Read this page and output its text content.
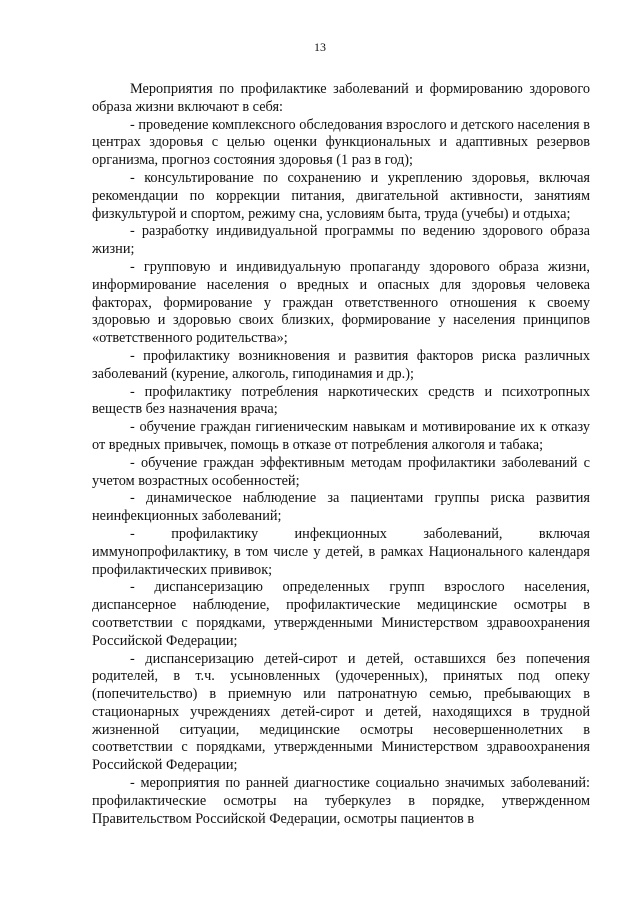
13

Мероприятия по профилактике заболеваний и формированию здорового образа жизни включают в себя:

- проведение комплексного обследования взрослого и детского населения в центрах здоровья с целью оценки функциональных и адаптивных резервов организма, прогноз состояния здоровья (1 раз в год);

- консультирование по сохранению и укреплению здоровья, включая рекомендации по коррекции питания, двигательной активности, занятиям физкультурой и спортом, режиму сна, условиям быта, труда (учебы) и отдыха;

- разработку индивидуальной программы по ведению здорового образа жизни;

- групповую и индивидуальную пропаганду здорового образа жизни, информирование населения о вредных и опасных для здоровья человека факторах, формирование у граждан ответственного отношения к своему здоровью и здоровью своих близких, формирование у населения принципов «ответственного родительства»;

- профилактику возникновения и развития факторов риска различных заболеваний (курение, алкоголь, гиподинамия и др.);

- профилактику потребления наркотических средств и психотропных веществ без назначения врача;

- обучение граждан гигиеническим навыкам и мотивирование их к отказу от вредных привычек, помощь в отказе от потребления алкоголя и табака;

- обучение граждан эффективным методам профилактики заболеваний с учетом возрастных особенностей;

- динамическое наблюдение за пациентами группы риска развития неинфекционных заболеваний;

- профилактику инфекционных заболеваний, включая иммунопрофилактику, в том числе у детей, в рамках Национального календаря профилактических прививок;

- диспансеризацию определенных групп взрослого населения, диспансерное наблюдение, профилактические медицинские осмотры в соответствии с порядками, утвержденными Министерством здравоохранения Российской Федерации;

- диспансеризацию детей-сирот и детей, оставшихся без попечения родителей, в т.ч. усыновленных (удочеренных), принятых под опеку (попечительство) в приемную или патронатную семью, пребывающих в стационарных учреждениях детей-сирот и детей, находящихся в трудной жизненной ситуации, медицинские осмотры несовершеннолетних в соответствии с порядками, утвержденными Министерством здравоохранения Российской Федерации;

- мероприятия по ранней диагностике социально значимых заболеваний: профилактические осмотры на туберкулез в порядке, утвержденном Правительством Российской Федерации, осмотры пациентов в
